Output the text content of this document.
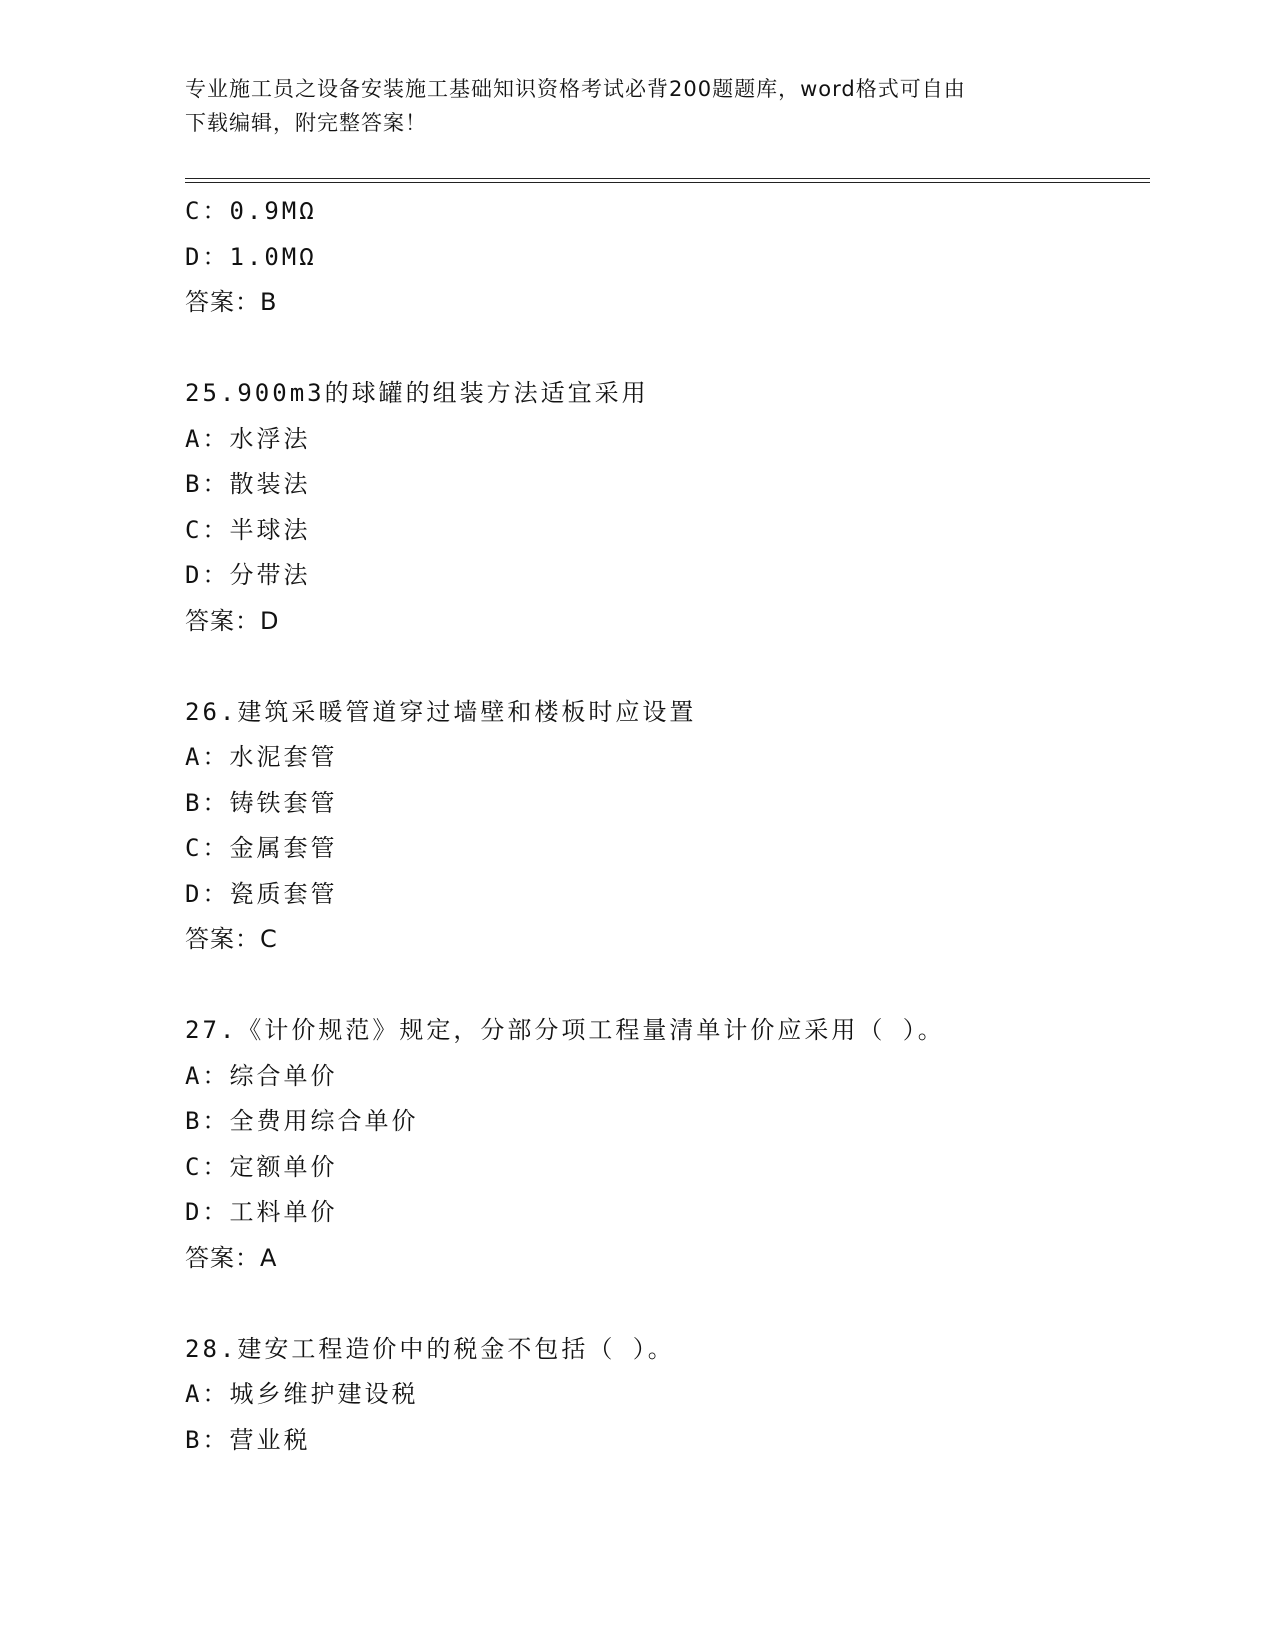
专业施工员之设备安装施工基础知识资格考试必背200题题库，word格式可自由
下载编辑，附完整答案！
C：0.9MΩ
D：1.0MΩ
答案：B
25.900m3的球罐的组装方法适宜采用
A：水浮法
B：散装法
C：半球法
D：分带法
答案：D
26.建筑采暖管道穿过墙壁和楼板时应设置
A：水泥套管
B：铸铁套管
C：金属套管
D：瓷质套管
答案：C
27.《计价规范》规定，分部分项工程量清单计价应采用（ ）。
A：综合单价
B：全费用综合单价
C：定额单价
D：工料单价
答案：A
28.建安工程造价中的税金不包括（ ）。
A：城乡维护建设税
B：营业税
